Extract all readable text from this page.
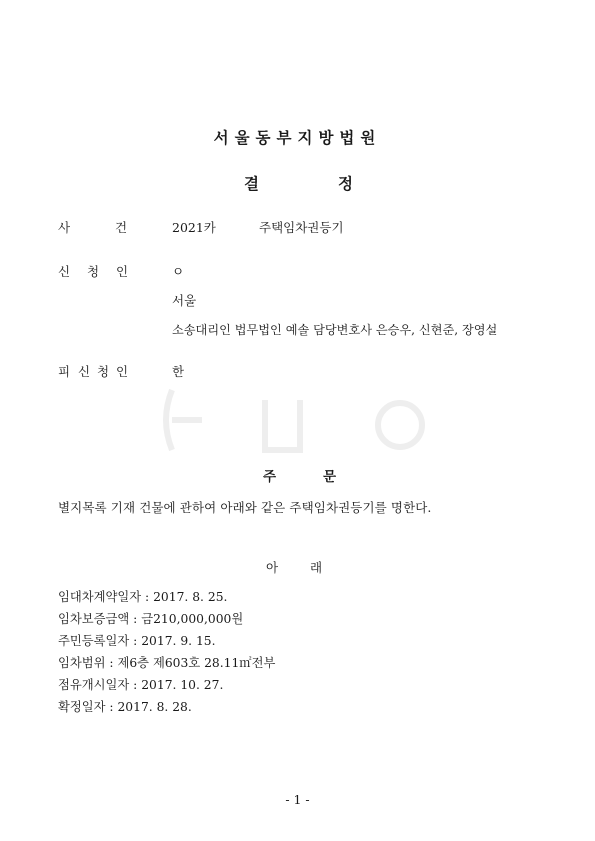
서울동부지방법원
결	정
사	건	2021카	주택임차권등기
신 청 인	ㅇ
서울
소송대리인 법무법인 예솔 담당변호사 은승우, 신현준, 장영설
피 신 청 인	한
주	문
별지목록 기재 건물에 관하여 아래와 같은 주택임차권등기를 명한다.
아	래
임대차계약일자 : 2017. 8. 25.
임차보증금액 : 금210,000,000원
주민등록일자 : 2017. 9. 15.
임차범위 : 제6층 제603호 28.11㎡전부
점유개시일자 : 2017. 10. 27.
확정일자 : 2017. 8. 28.
- 1 -
